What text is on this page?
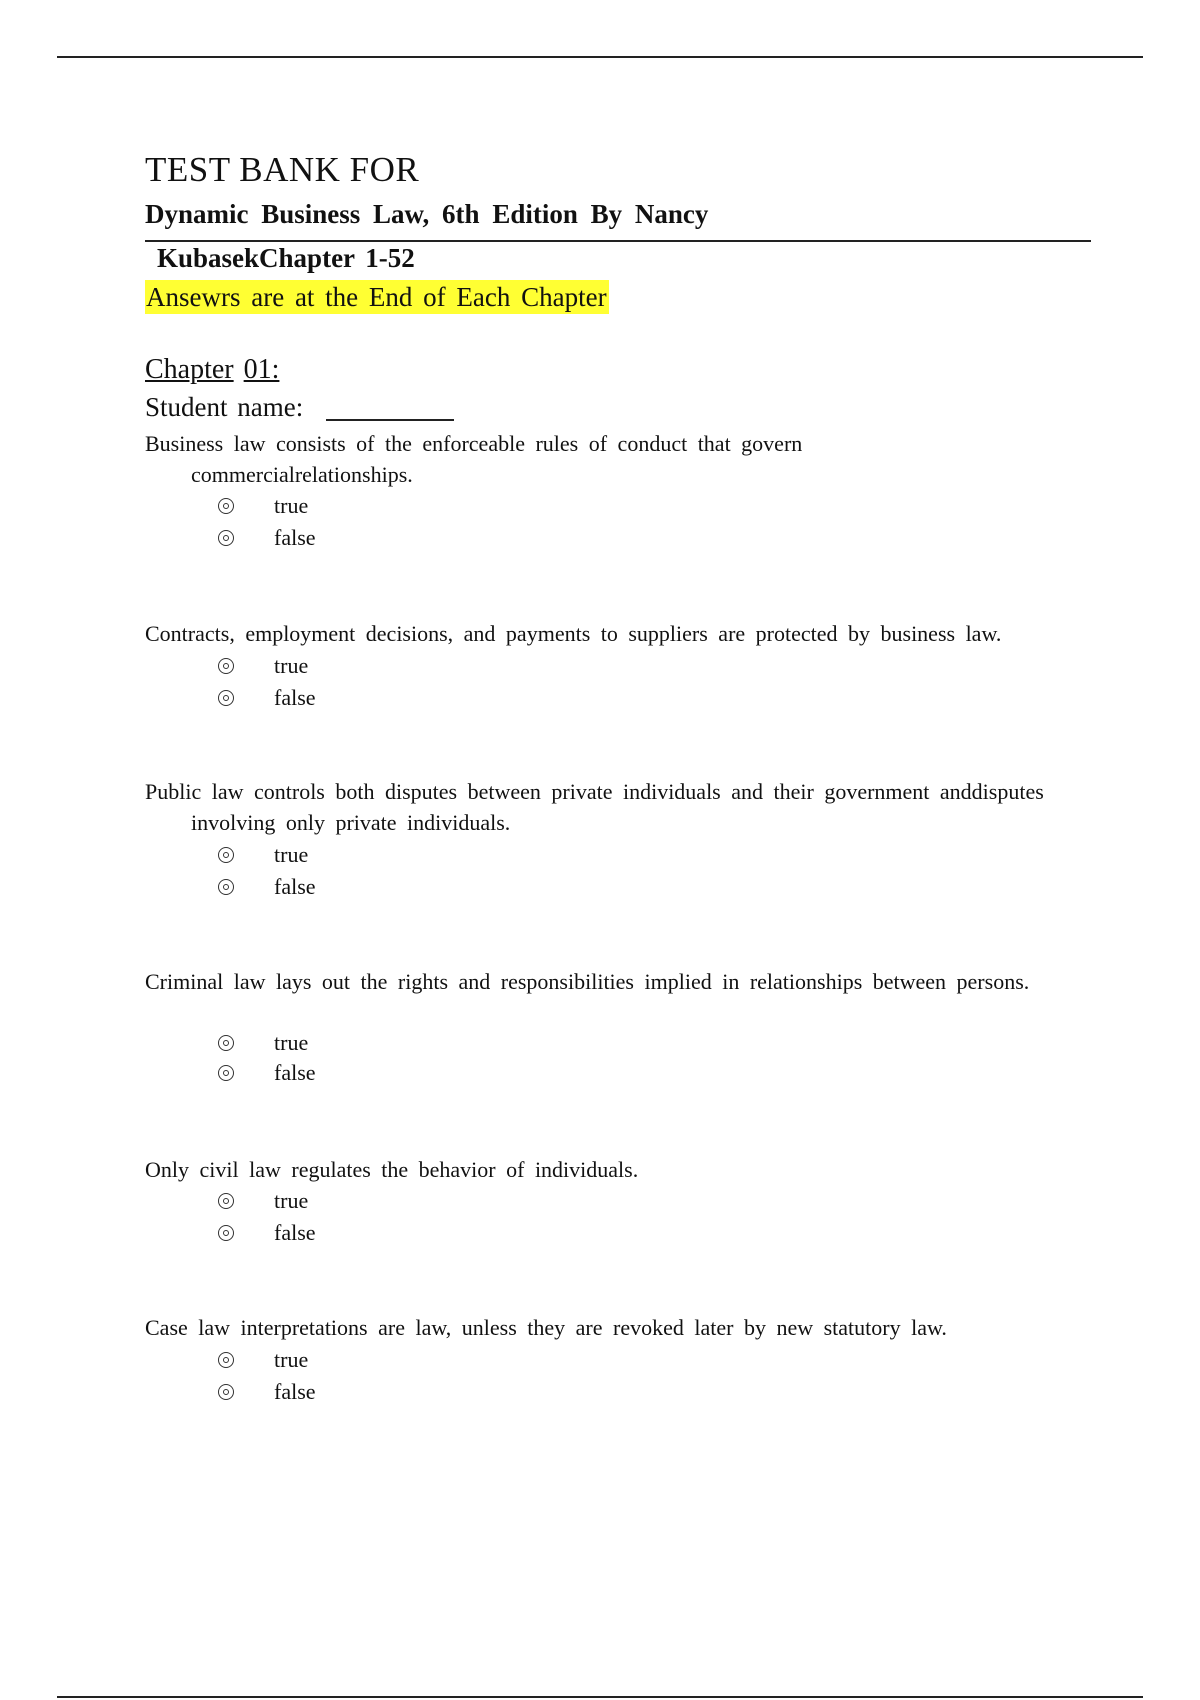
TEST BANK FOR
Dynamic Business Law, 6th Edition By Nancy
KubasekChapter 1-52
Ansewrs are at the End of Each Chapter
Chapter 01:
Student name:
Business law consists of the enforceable rules of conduct that govern commercialrelationships.
true
false
Contracts, employment decisions, and payments to suppliers are protected by business law.
true
false
Public law controls both disputes between private individuals and their government anddisputes involving only private individuals.
true
false
Criminal law lays out the rights and responsibilities implied in relationships between persons.
true
false
Only civil law regulates the behavior of individuals.
true
false
Case law interpretations are law, unless they are revoked later by new statutory law.
true
false
